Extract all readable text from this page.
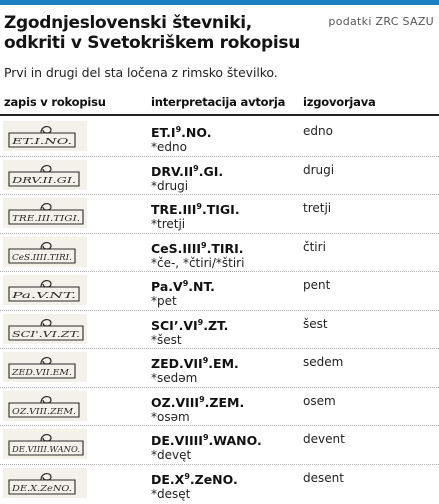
Zgodnjeslovenski števniki,
odkriti v Svetokriškem rokopisu
podatki ZRC SAZU
Prvi in drugi del sta ločena z rimsko številko.
zapis v rokopisu	interpretacija avtorja izgovorjava
ET.I.NO.
$ET.I^9.NO$.
*edno
edno
DRV.II.GI.
$DRV.II^9.GI$.
*drugi
drugi
TRE.III.TIGI.
TRE.III$^9$.TIGI.
*tretji
tretji
CeS.IIII.TIRI.
CeS.IIII$^9$.TIRI.
*če-, *čtiri/*štiri
čtiri
Pa.V.NT.
$Pa.V^9.NT$.
*pet
pent
SCI'.VI.ZT.
$SCI’.VI^9.ZT$.
*šest
šest
ZED.VII.EM.
ZED.VII$^9$.EM.
*sedəm
sedem
OZ.VIII.ZEM.
OZ.VIII$^9$.ZEM.
*osəm
osem
DE.VIIII.WANO.
DE.VIIII$^9$.WANO.
*devęt
devent
DE.X.ZeNO.
$DE.X^9.ZeNO$.
*desęt
desent
